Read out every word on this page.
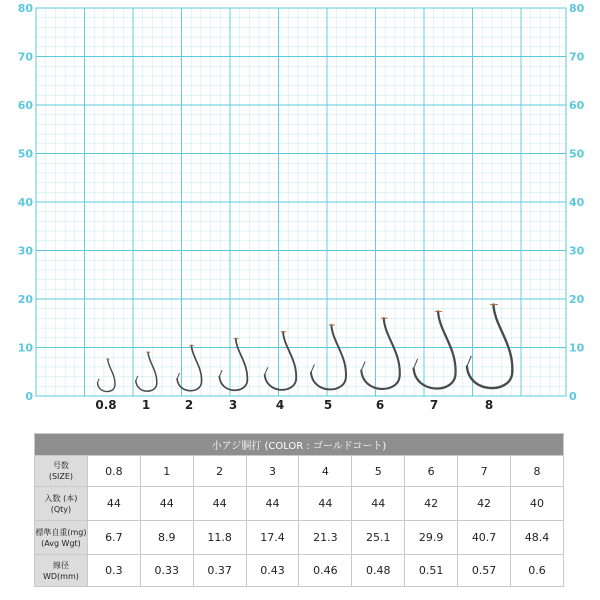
0	0
10	10
20	20
30	30
40	40
50	50
60	60
70	70
80	80
0.8 1	2	3	4	5	6	7	8
小アジ胴打 (COLOR : ゴールドコート)									

号数
(SIZE)	0.8	1	2	3	4	5	6	7	8

入数 (本)
(Qty)	44	44	44	44	44	44	42	42	40

標準自重(mg)
(Avg Wgt)	6.7	8.9	11.8	17.4	21.3	25.1	29.9	40.7	48.4

線径
WD(mm)	0.3	0.33	0.37	0.43	0.46	0.48	0.51	0.57	0.6
